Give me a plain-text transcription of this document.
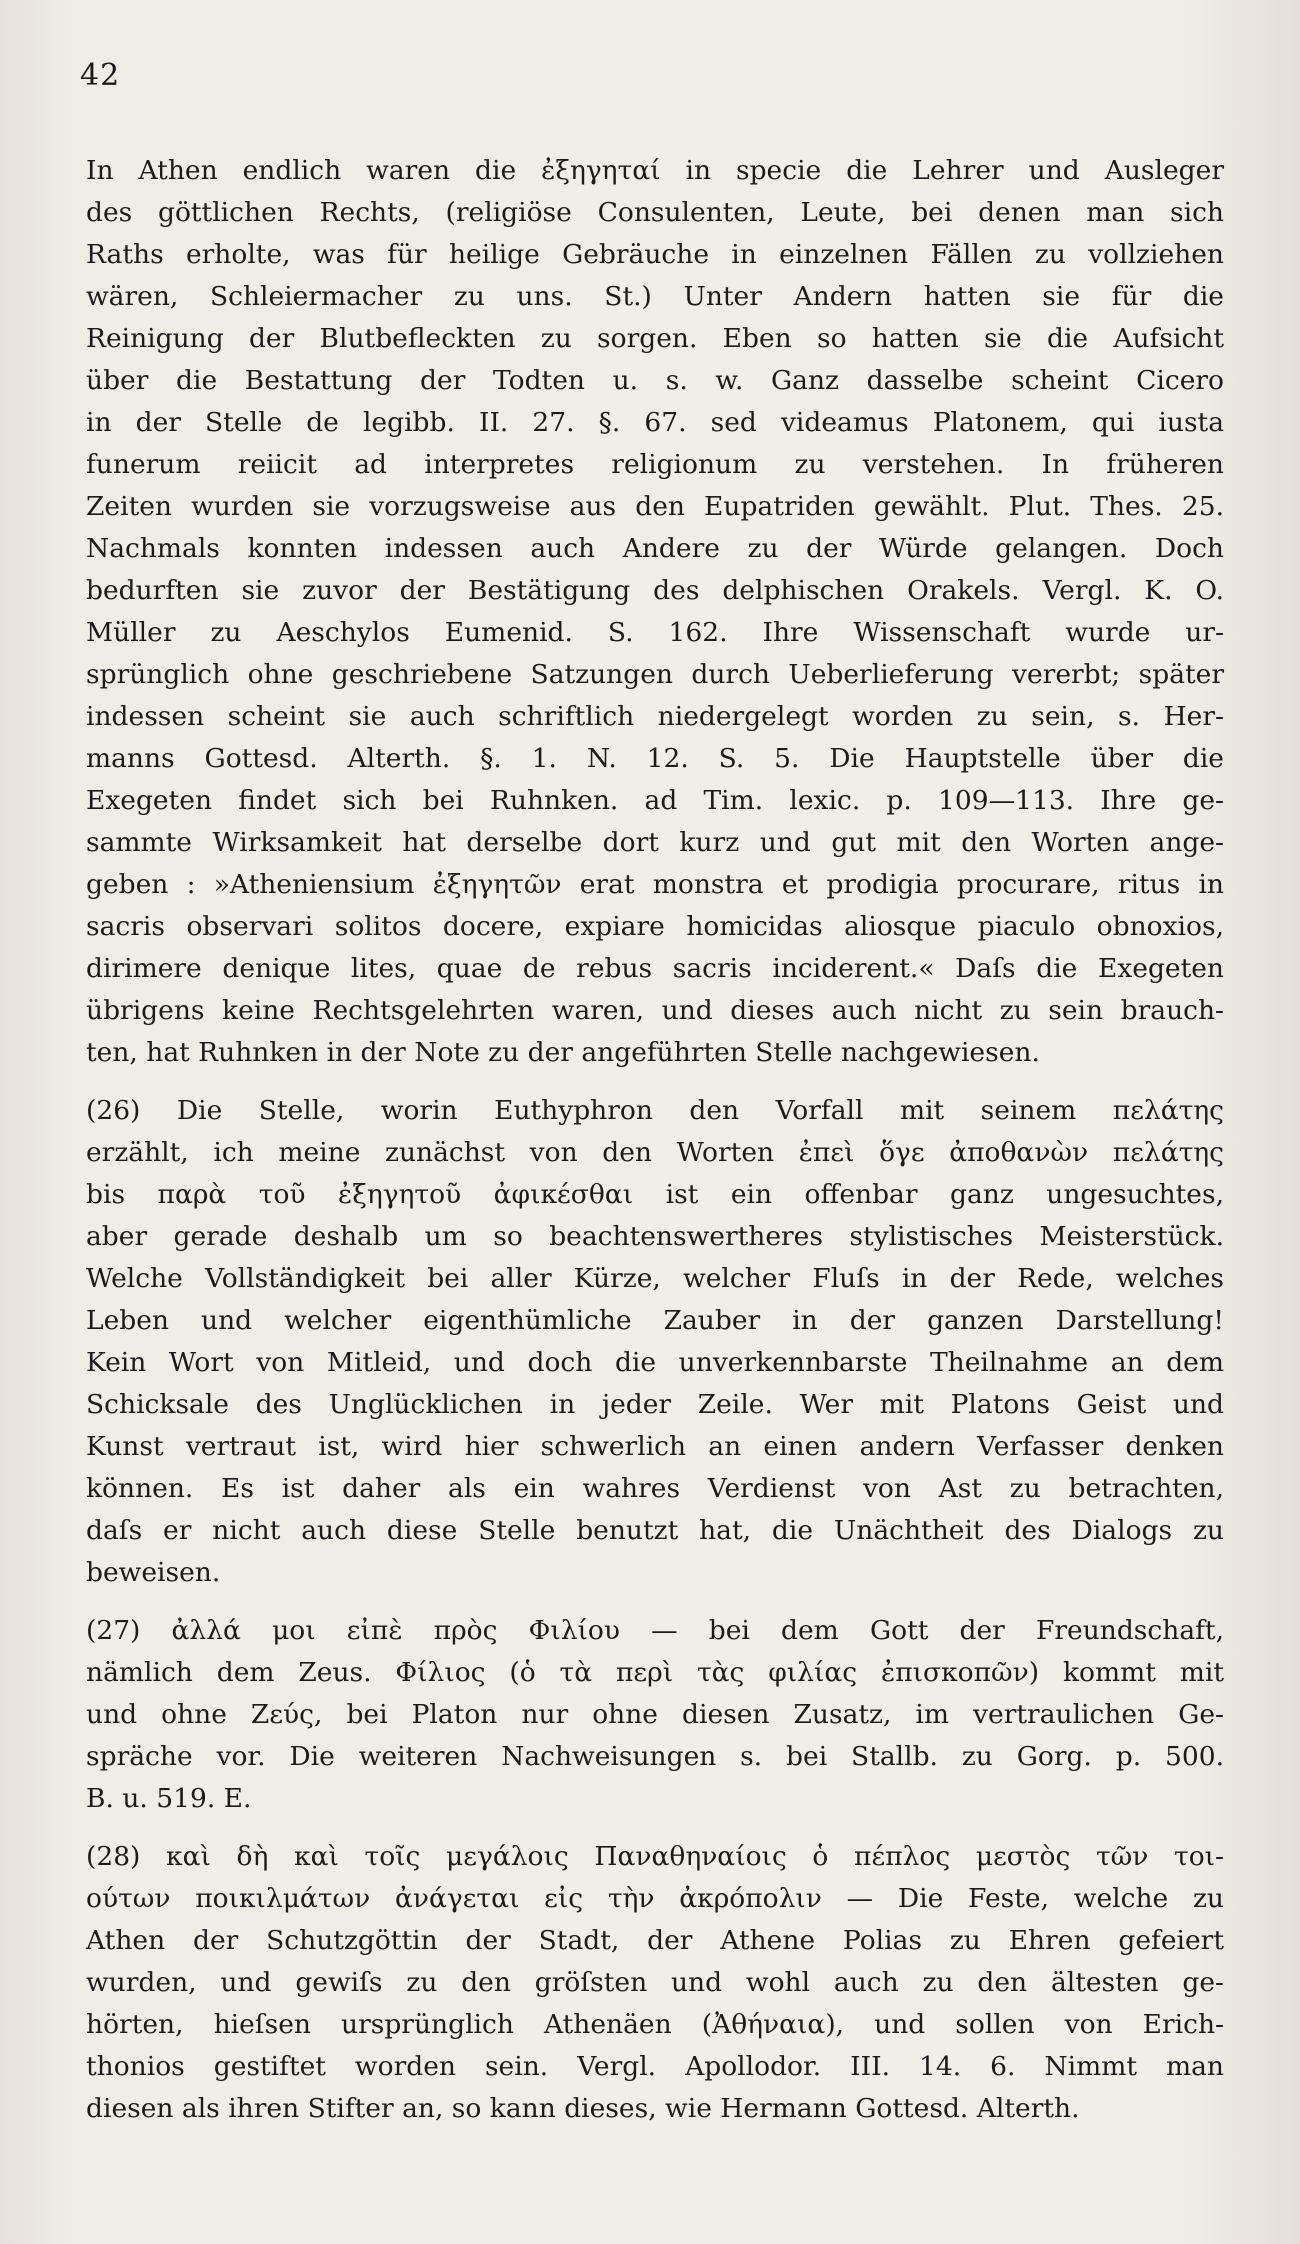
42
In Athen endlich waren die ἐξηγηταί in specie die Lehrer und Ausleger
des göttlichen Rechts, (religiöse Consulenten, Leute, bei denen man sich
Raths erholte, was für heilige Gebräuche in einzelnen Fällen zu vollziehen
wären, Schleiermacher zu uns. St.) Unter Andern hatten sie für die
Reinigung der Blutbefleckten zu sorgen. Eben so hatten sie die Aufsicht
über die Bestattung der Todten u. s. w. Ganz dasselbe scheint Cicero
in der Stelle de legibb. II. 27. §. 67. sed videamus Platonem, qui iusta
funerum reiicit ad interpretes religionum zu verstehen. In früheren
Zeiten wurden sie vorzugsweise aus den Eupatriden gewählt. Plut. Thes. 25.
Nachmals konnten indessen auch Andere zu der Würde gelangen. Doch
bedurften sie zuvor der Bestätigung des delphischen Orakels. Vergl. K. O.
Müller zu Aeschylos Eumenid. S. 162. Ihre Wissenschaft wurde ur-
sprünglich ohne geschriebene Satzungen durch Ueberlieferung vererbt; später
indessen scheint sie auch schriftlich niedergelegt worden zu sein, s. Her-
manns Gottesd. Alterth. §. 1. N. 12. S. 5. Die Hauptstelle über die
Exegeten findet sich bei Ruhnken. ad Tim. lexic. p. 109—113. Ihre ge-
sammte Wirksamkeit hat derselbe dort kurz und gut mit den Worten ange-
geben : »Atheniensium ἐξηγητῶν erat monstra et prodigia procurare, ritus in
sacris observari solitos docere, expiare homicidas aliosque piaculo obnoxios,
dirimere denique lites, quae de rebus sacris inciderent.« Daſs die Exegeten
übrigens keine Rechtsgelehrten waren, und dieses auch nicht zu sein brauch-
ten, hat Ruhnken in der Note zu der angeführten Stelle nachgewiesen.
(26) Die Stelle, worin Euthyphron den Vorfall mit seinem πελάτης
erzählt, ich meine zunächst von den Worten ἐπεὶ ὅγε ἀποθανὼν πελάτης
bis παρὰ τοῦ ἐξηγητοῦ ἀφικέσθαι ist ein offenbar ganz ungesuchtes,
aber gerade deshalb um so beachtenswertheres stylistisches Meisterstück.
Welche Vollständigkeit bei aller Kürze, welcher Fluſs in der Rede, welches
Leben und welcher eigenthümliche Zauber in der ganzen Darstellung!
Kein Wort von Mitleid, und doch die unverkennbarste Theilnahme an dem
Schicksale des Unglücklichen in jeder Zeile. Wer mit Platons Geist und
Kunst vertraut ist, wird hier schwerlich an einen andern Verfasser denken
können. Es ist daher als ein wahres Verdienst von Ast zu betrachten,
daſs er nicht auch diese Stelle benutzt hat, die Unächtheit des Dialogs zu
beweisen.
(27) ἀλλά μοι εἰπὲ πρὸς Φιλίου — bei dem Gott der Freundschaft,
nämlich dem Zeus. Φίλιος (ὁ τὰ περὶ τὰς φιλίας ἐπισκοπῶν) kommt mit
und ohne Ζεύς, bei Platon nur ohne diesen Zusatz, im vertraulichen Ge-
spräche vor. Die weiteren Nachweisungen s. bei Stallb. zu Gorg. p. 500.
B. u. 519. E.
(28) καὶ δὴ καὶ τοῖς μεγάλοις Παναθηναίοις ὁ πέπλος μεστὸς τῶν τοι-
ούτων ποικιλμάτων ἀνάγεται εἰς τὴν ἀκρόπολιν — Die Feste, welche zu
Athen der Schutzgöttin der Stadt, der Athene Polias zu Ehren gefeiert
wurden, und gewiſs zu den gröſsten und wohl auch zu den ältesten ge-
hörten, hieſsen ursprünglich Athenäen (Ἀθήναια), und sollen von Erich-
thonios gestiftet worden sein. Vergl. Apollodor. III. 14. 6. Nimmt man
diesen als ihren Stifter an, so kann dieses, wie Hermann Gottesd. Alterth.
